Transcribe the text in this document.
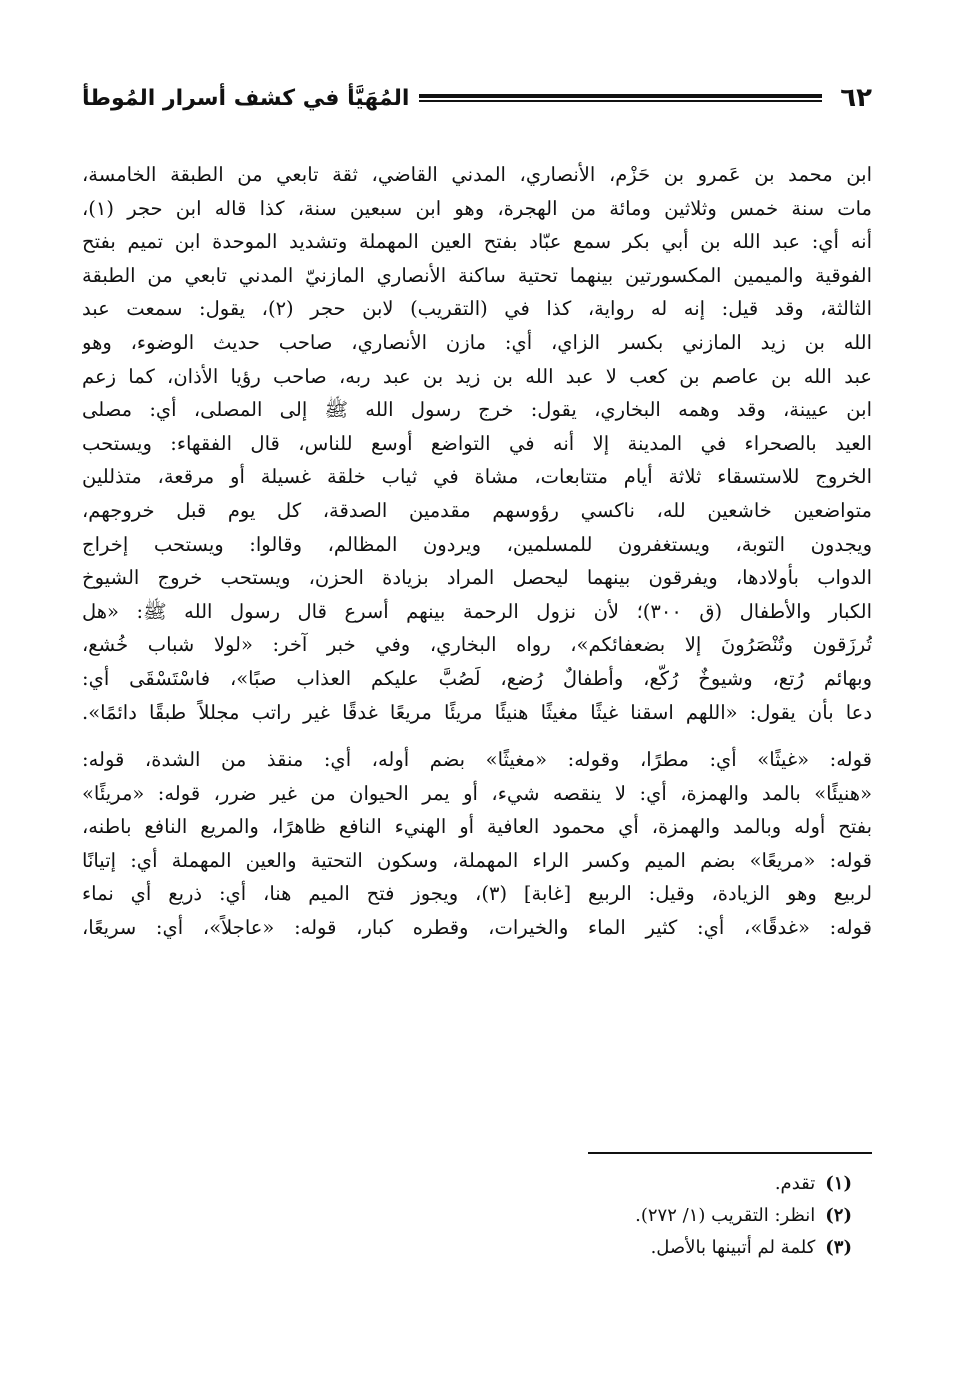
٦٢
المُهَيَّأ في كشف أسرار المُوطأ
ابن محمد بن عَمرو بن حَزْم، الأنصاري، المدني القاضي، ثقة تابعي من الطبقة الخامسة،
مات سنة خمس وثلاثين ومائة من الهجرة، وهو ابن سبعين سنة، كذا قاله ابن حجر (١)،
أنه أي: عبد الله بن أبي بكر سمع عبّاد بفتح العين المهملة وتشديد الموحدة ابن تميم بفتح
الفوقية والميمين المكسورتين بينهما تحتية ساكنة الأنصاري المازنيّ المدني تابعي من الطبقة
الثالثة، وقد قيل: إنه له رواية، كذا في (التقريب) لابن حجر (٢)، يقول: سمعت عبد
الله بن زيد المازني بكسر الزاي، أي: مازن الأنصاري، صاحب حديث الوضوء، وهو
عبد الله بن عاصم بن كعب لا عبد الله بن زيد بن عبد ربه، صاحب رؤيا الأذان، كما زعم
ابن عيينة، وقد وهمه البخاري، يقول: خرج رسول الله ﷺ إلى المصلى، أي: مصلى
العيد بالصحراء في المدينة إلا أنه في التواضع أوسع للناس، قال الفقهاء: ويستحب
الخروج للاستسقاء ثلاثة أيام متتابعات، مشاة في ثياب خلقة غسيلة أو مرقعة، متذللين
متواضعين خاشعين لله، ناكسي رؤوسهم مقدمين الصدقة، كل يوم قبل خروجهم،
ويجدون التوبة، ويستغفرون للمسلمين، ويردون المظالم، وقالوا: ويستحب إخراج
الدواب بأولادها، ويفرقون بينهما ليحصل المراد بزيادة الحزن، ويستحب خروج الشيوخ
الكبار والأطفال (ق ٣٠٠)؛ لأن نزول الرحمة بينهم أسرع قال رسول الله ﷺ: «هل
تُرزَقون وتُنْصَرُونَ إلا بضعفائكم»، رواه البخاري، وفي خبر آخر: «لولا شباب خُشع،
وبهائم رُتع، وشيوخٌ رُكّع، وأطفالٌ رُضع، لَصُبَّ عليكم العذاب صبًا»، فاسْتَسْقَى أي:
دعا بأن يقول: «اللهم اسقنا غيثًا مغيثًا هنيئًا مريئًا مريعًا غدقًا غير راتب مجللاً طبقًا دائمًا».
قوله: «غيثًا» أي: مطرًا، وقوله: «مغيثًا» بضم أوله، أي: منقذ من الشدة، قوله:
«هنيئًا» بالمد والهمزة، أي: لا ينقصه شيء، أو يمر الحيوان من غير ضرر، قوله: «مريئًا»
بفتح أوله وبالمد والهمزة، أي محمود العافية أو الهنيء النافع ظاهرًا، والمريع النافع باطنه،
قوله: «مريعًا» بضم الميم وكسر الراء المهملة، وسكون التحتية والعين المهملة أي: إتيانًا
لربيع وهو الزيادة، وقيل: الربيع [غابة] (٣)، ويجوز فتح الميم هنا، أي: ذريع أي نماء
قوله: «غدقًا»، أي: كثير الماء والخيرات، وقطره كبار، قوله: «عاجلاً»، أي: سريعًا،
(١)تقدم.
(٢)انظر: التقريب (١/ ٢٧٢).
(٣)كلمة لم أتبينها بالأصل.
